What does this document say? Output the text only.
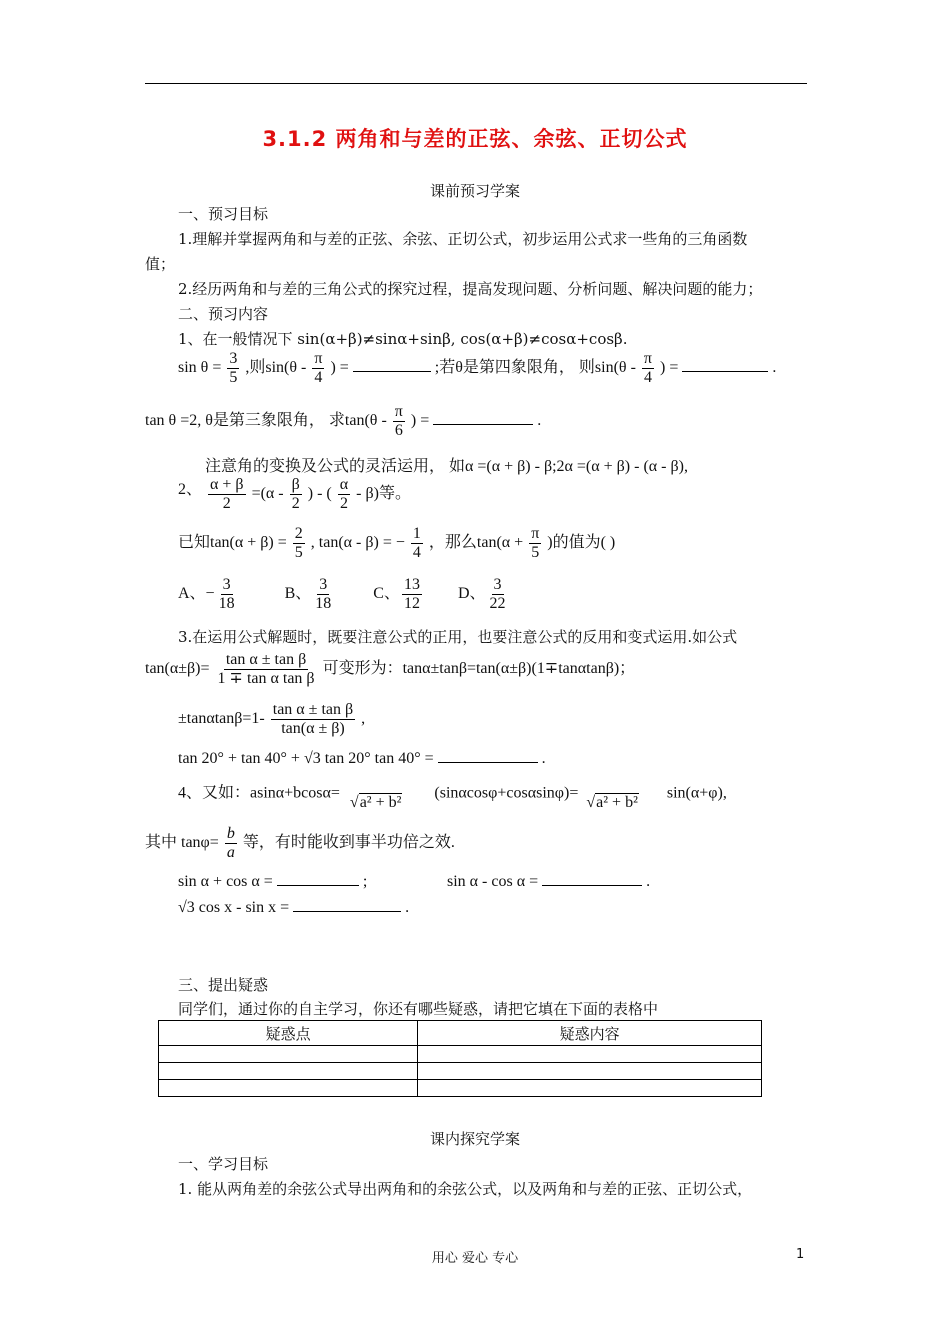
3.1.2 两角和与差的正弦、余弦、正切公式
课前预习学案
一、预习目标
1.理解并掌握两角和与差的正弦、余弦、正切公式，初步运用公式求一些角的三角函数
值；
2.经历两角和与差的三角公式的探究过程，提高发现问题、分析问题、解决问题的能力；
二、预习内容
1、在一般情况下 sin(α+β)≠sinα+sinβ, cos(α+β)≠cosα+cosβ.
$\sin \theta = \frac{3}{5}$ ,则$\sin(\theta - \frac{\pi}{4}$ ) =	;若θ是第四象限角， 则$\sin(\theta - \frac{\pi}{4}$ ) =	.
tan θ =2, θ是第三象限角， 求$\tan(\theta - \frac{\pi}{6}$ ) =	.
注意角的变换及公式的灵活运用， 如α =(α + β) - β;2α =(α + β) - (α - β),
2、 $\frac{\alpha + \beta}{2} =(\alpha - \frac{\beta}{2}$ ) - ( $\frac{\alpha}{2} - \beta$)等。
已知$\tan(\alpha + \beta) = \frac{2}{5}$ , tan(α - β) = − $\frac{1}{4}$ ，那么$\tan(\alpha + \frac{\pi}{5}$ )的值为( )
A、− $\frac{3}{18}$	B、 $\frac{3}{18}$	C、 $\frac{13}{12}$ D、 $\frac{3}{22}$
3.在运用公式解题时，既要注意公式的正用，也要注意公式的反用和变式运用.如公式
$\tan(\alpha\pm\beta)= \frac{\text{tan α ± tan β}}{\text{1 ∓ tan α tan β}}$ 可变形为：tanα±tanβ=tan(α±β)(1∓tanαtanβ)；
$\pm\tan\alpha\tan\beta=1- \frac{\text{tan α ± tan β}}{\tan(\alpha \pm \beta)}$ ,
tan 20° + tan 40° + √3 tan 20° tan 40° =	.
4、又如：asinα+bcosα=

√a² + b²
(sinαcosφ+cosαsinφ)=

√a² + b²
sin(α+φ),
其中 $\tan\varphi= \frac{b}{a}$ 等，有时能收到事半功倍之效.
sin α + cos α =	;	sin α - cos α =	.
√3 cos x - sin x =	.
三、提出疑惑
同学们，通过你的自主学习，你还有哪些疑惑，请把它填在下面的表格中
疑惑点	疑惑内容

课内探究学案
一、学习目标
1. 能从两角差的余弦公式导出两角和的余弦公式，以及两角和与差的正弦、正切公式，
用心 爱心 专心	1
